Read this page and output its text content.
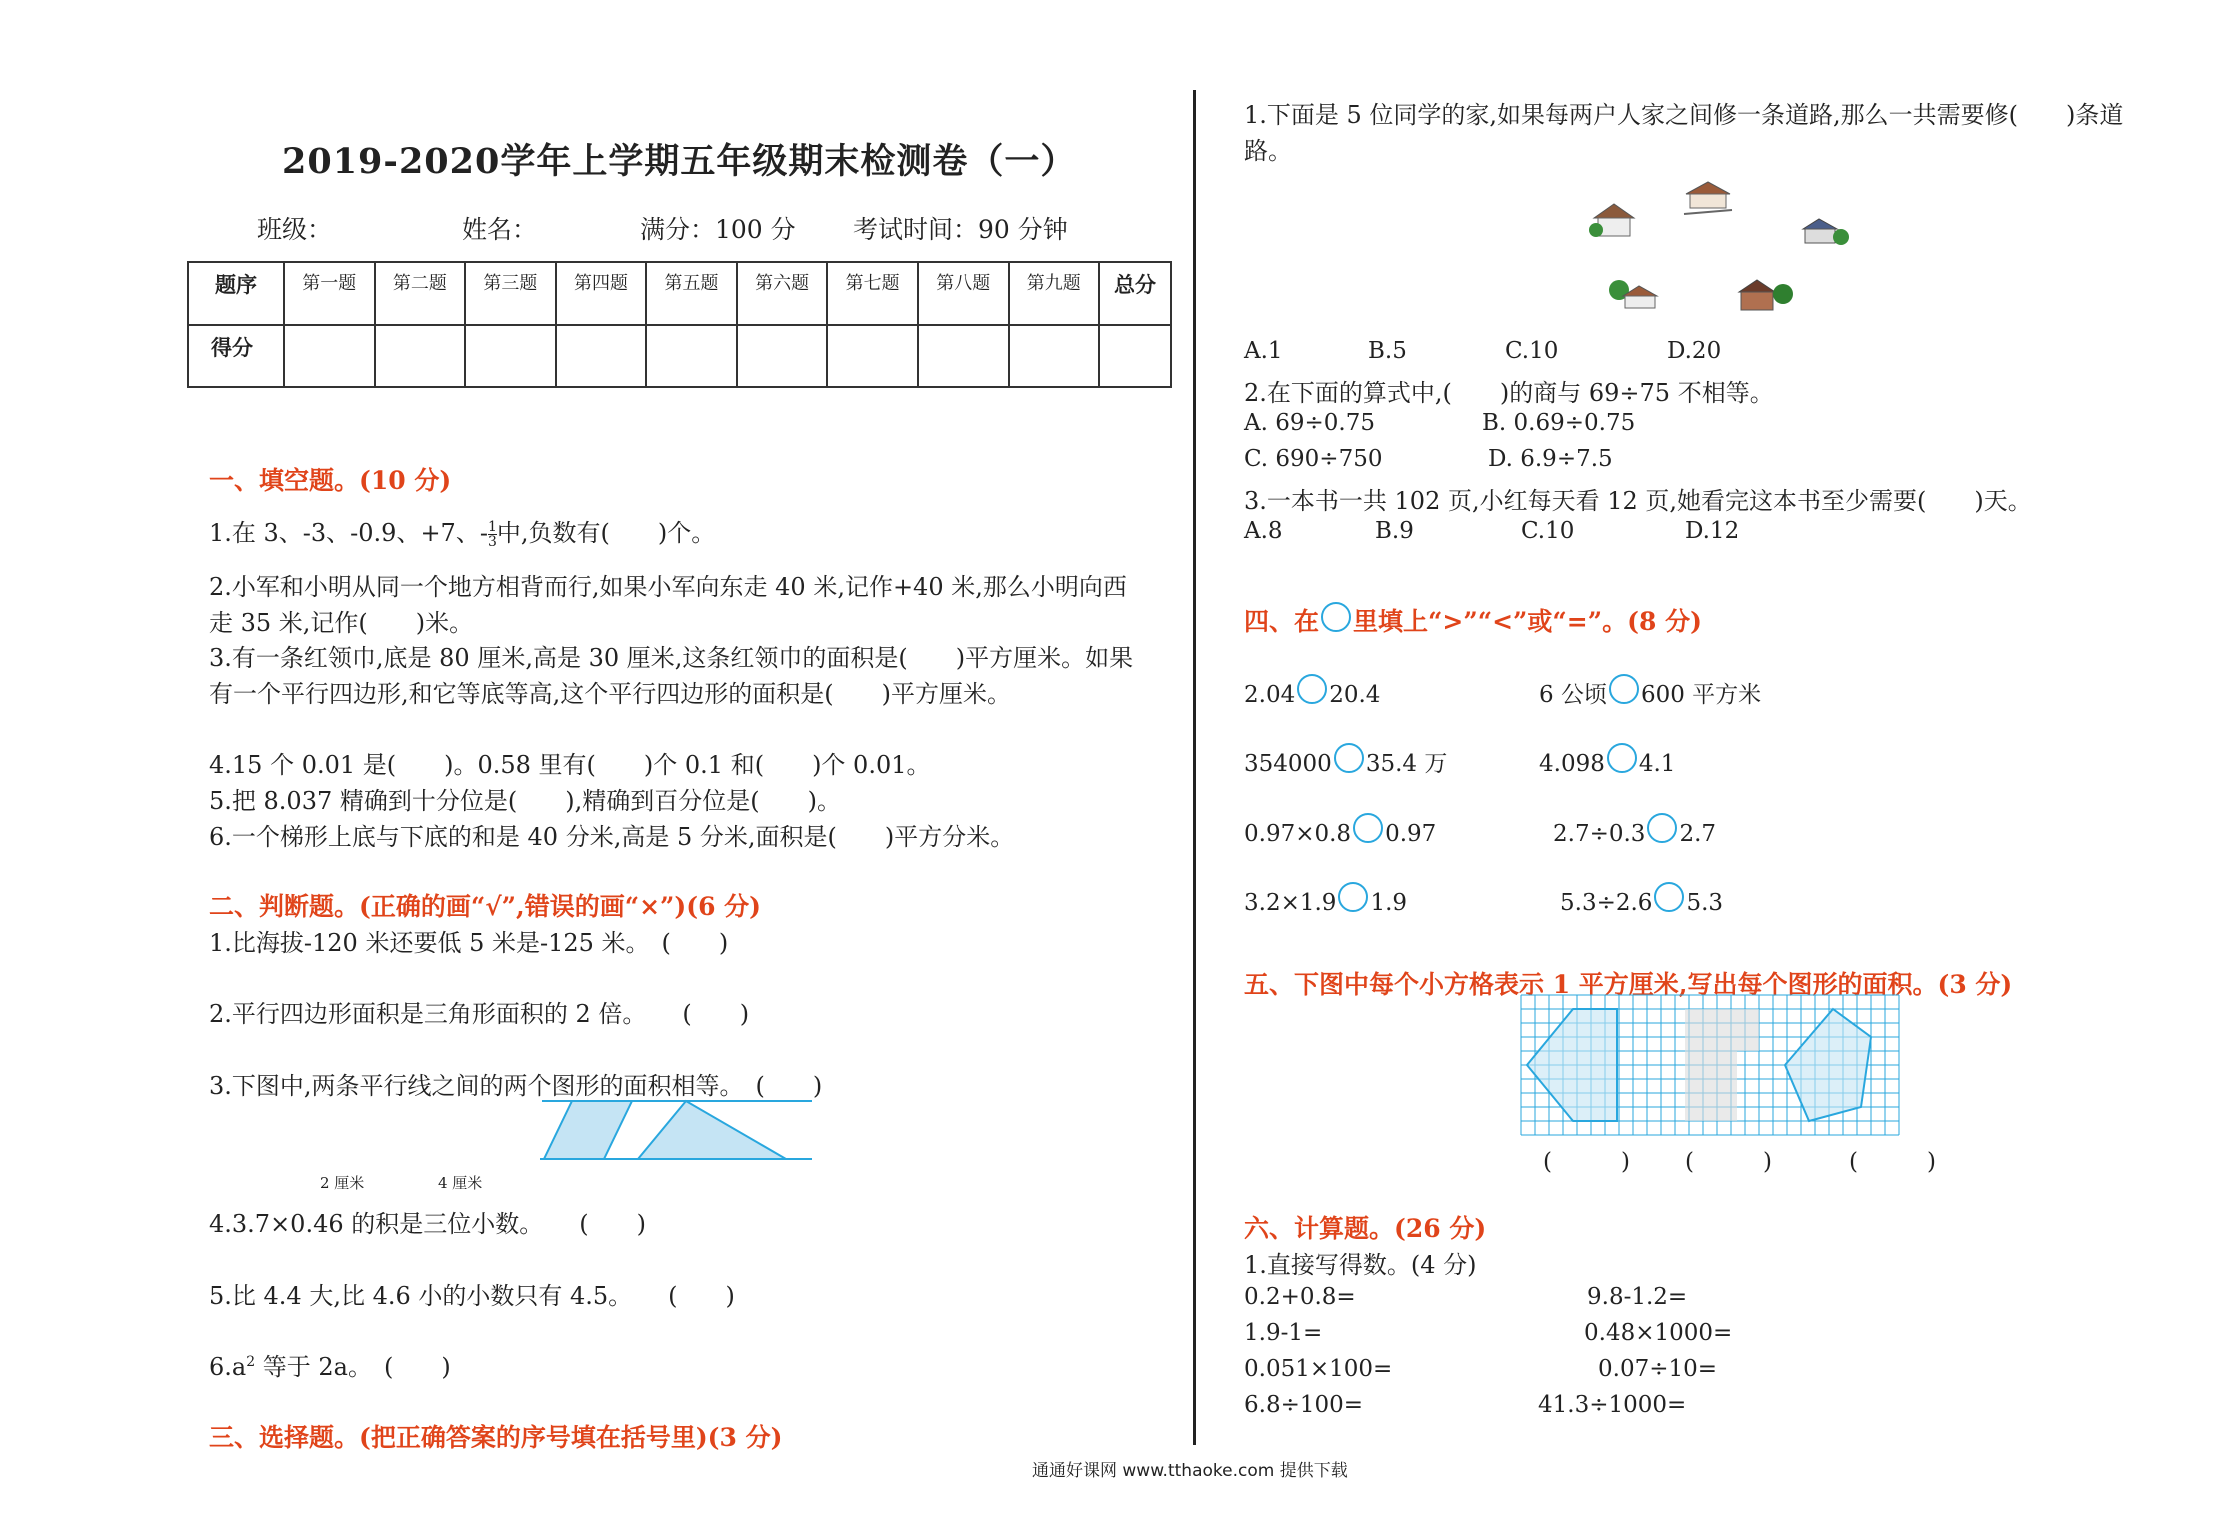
2019-2020学年上学期五年级期末检测卷（一）
班级：	姓名：	满分：100 分 考试时间：90 分钟
题序	第一题	第二题	第三题	第四题	第五题	第六题	第七题	第八题	第九题	总分
得分										
一、填空题。(10 分)
1.在 3、-3、-0.9、+7、- $\frac{1}{3}$ 中,负数有(　　)个。
2.小军和小明从同一个地方相背而行,如果小军向东走 40 米,记作+40 米,那么小明向西
走 35 米,记作(　　)米。
3.有一条红领巾,底是 80 厘米,高是 30 厘米,这条红领巾的面积是(　　)平方厘米。如果
有一个平行四边形,和它等底等高,这个平行四边形的面积是(　　)平方厘米。
4.15 个 0.01 是(　　)。0.58 里有(　　)个 0.1 和(　　)个 0.01。
5.把 8.037 精确到十分位是(　　),精确到百分位是(　　)。
6.一个梯形上底与下底的和是 40 分米,高是 5 分米,面积是(　　)平方分米。
二、判断题。(正确的画“√”,错误的画“×”)(6 分)
1.比海拔-120 米还要低 5 米是-125 米。　(　　)
2.平行四边形面积是三角形面积的 2 倍。　　(　　)
3.下图中,两条平行线之间的两个图形的面积相等。　(　　)
2 厘米	4 厘米
4.3.7×0.46 的积是三位小数。　　(　　)
5.比 4.4 大,比 4.6 小的小数只有 4.5。　　(　　)
$6.a^2$ 等于 2a。　(　　)
三、选择题。(把正确答案的序号填在括号里)(3 分)
1.下面是 5 位同学的家,如果每两户人家之间修一条道路,那么一共需要修(　　)条道
路。
A.1	B.5	C.10	D.20
2.在下面的算式中,(　　)的商与 69÷75 不相等。
A. 69÷0.75	B. 0.69÷0.75
C. 690÷750	D. 6.9÷7.5
3.一本书一共 102 页,小红每天看 12 页,她看完这本书至少需要(　　)天。
A.8	B.9	C.10	D.12
四、在 里填上“>”“<”或“=”。(8 分)
2.04 20.4	6 公顷 600 平方米
354000 35.4 万	4.098 4.1
0.97×0.8 0.97	2.7÷0.3 2.7
3.2×1.9 1.9	5.3÷2.6 5.3
五、下图中每个小方格表示 1 平方厘米,写出每个图形的面积。(3 分)
(　　　) (　　　)	(　　　)
六、计算题。(26 分)
1.直接写得数。(4 分)
0.2+0.8=	9.8-1.2=
1.9-1=	0.48×1000=
0.051×100=	0.07÷10=
6.8÷100=	41.3÷1000=
通通好课网 www.tthaoke.com 提供下载
